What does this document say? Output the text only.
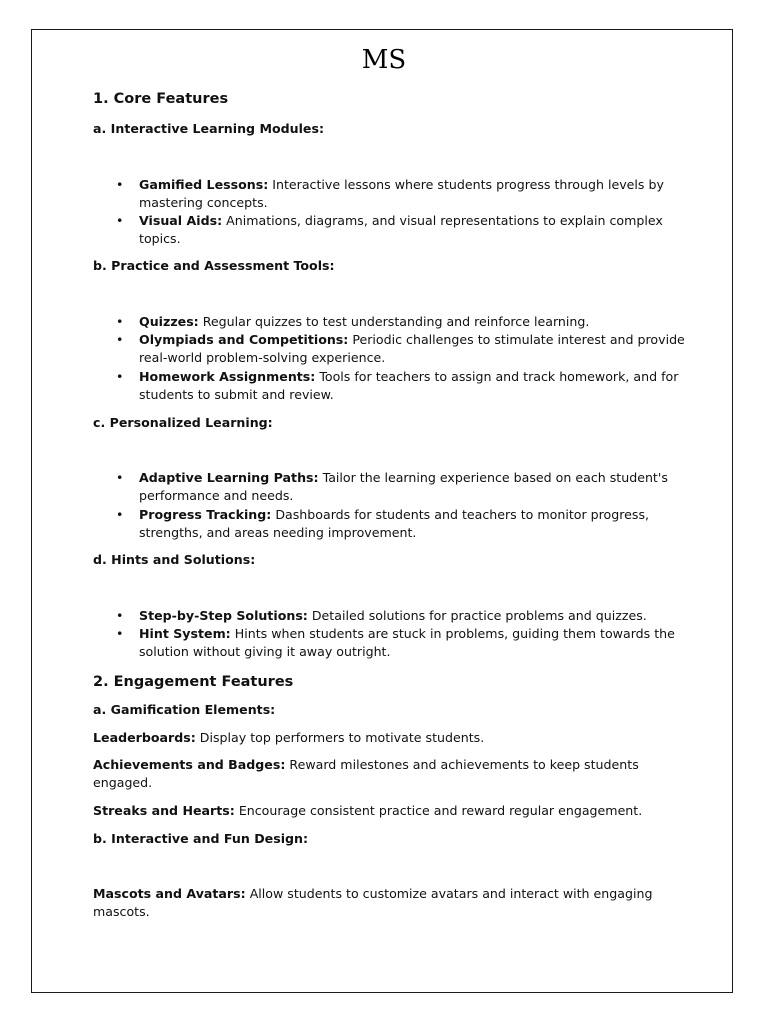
MS
1. Core Features
a. Interactive Learning Modules:
• Gamified Lessons: Interactive lessons where students progress through levels by
mastering concepts.
• Visual Aids: Animations, diagrams, and visual representations to explain complex
topics.
b. Practice and Assessment Tools:
• Quizzes: Regular quizzes to test understanding and reinforce learning.
• Olympiads and Competitions: Periodic challenges to stimulate interest and provide
real-world problem-solving experience.
• Homework Assignments: Tools for teachers to assign and track homework, and for
students to submit and review.
c. Personalized Learning:
• Adaptive Learning Paths: Tailor the learning experience based on each student's
performance and needs.
• Progress Tracking: Dashboards for students and teachers to monitor progress,
strengths, and areas needing improvement.
d. Hints and Solutions:
• Step-by-Step Solutions: Detailed solutions for practice problems and quizzes.
• Hint System: Hints when students are stuck in problems, guiding them towards the
solution without giving it away outright.
2. Engagement Features
a. Gamification Elements:
Leaderboards: Display top performers to motivate students.
Achievements and Badges: Reward milestones and achievements to keep students
engaged.
Streaks and Hearts: Encourage consistent practice and reward regular engagement.
b. Interactive and Fun Design:
Mascots and Avatars: Allow students to customize avatars and interact with engaging
mascots.
